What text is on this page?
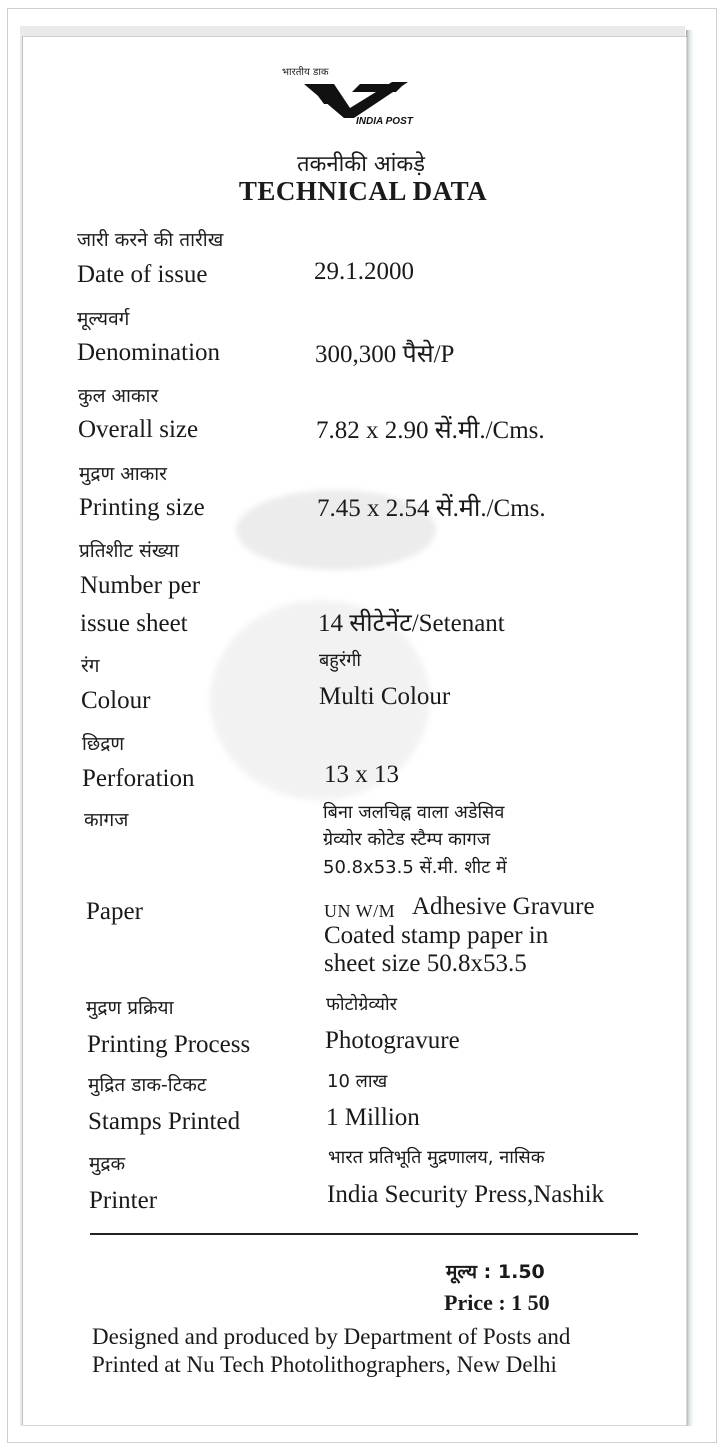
भारतीय डाक
INDIA POST
तकनीकी आंकड़े
TECHNICAL DATA
जारी करने की तारीख
Date of issue	29.1.2000
मूल्यवर्ग
Denomination	300,300 पैसे/P
कुल आकार
Overall size	7.82 x 2.90 सें.मी./Cms.
मुद्रण आकार
Printing size	7.45 x 2.54 सें.मी./Cms.
प्रतिशीट संख्या
Number per
issue sheet	14 सीटेनेंट/Setenant
रंग	बहुरंगी
Colour	Multi Colour
छिद्रण
Perforation	13 x 13
कागज	बिना जलचिह्न वाला अडेसिव
ग्रेव्योर कोटेड स्टैम्प कागज
50.8x53.5 सें.मी. शीट में
Paper	UN W/M Adhesive Gravure
Coated stamp paper in
sheet size 50.8x53.5
मुद्रण प्रक्रिया	फोटोग्रेव्योर
Printing Process	Photogravure
मुद्रित डाक-टिकट	10 लाख
Stamps Printed	1 Million
मुद्रक	भारत प्रतिभूति मुद्रणालय, नासिक
Printer	India Security Press,Nashik
मूल्य : 1.50
Price : 1 50
Designed and produced by Department of Posts and
Printed at Nu Tech Photolithographers, New Delhi
